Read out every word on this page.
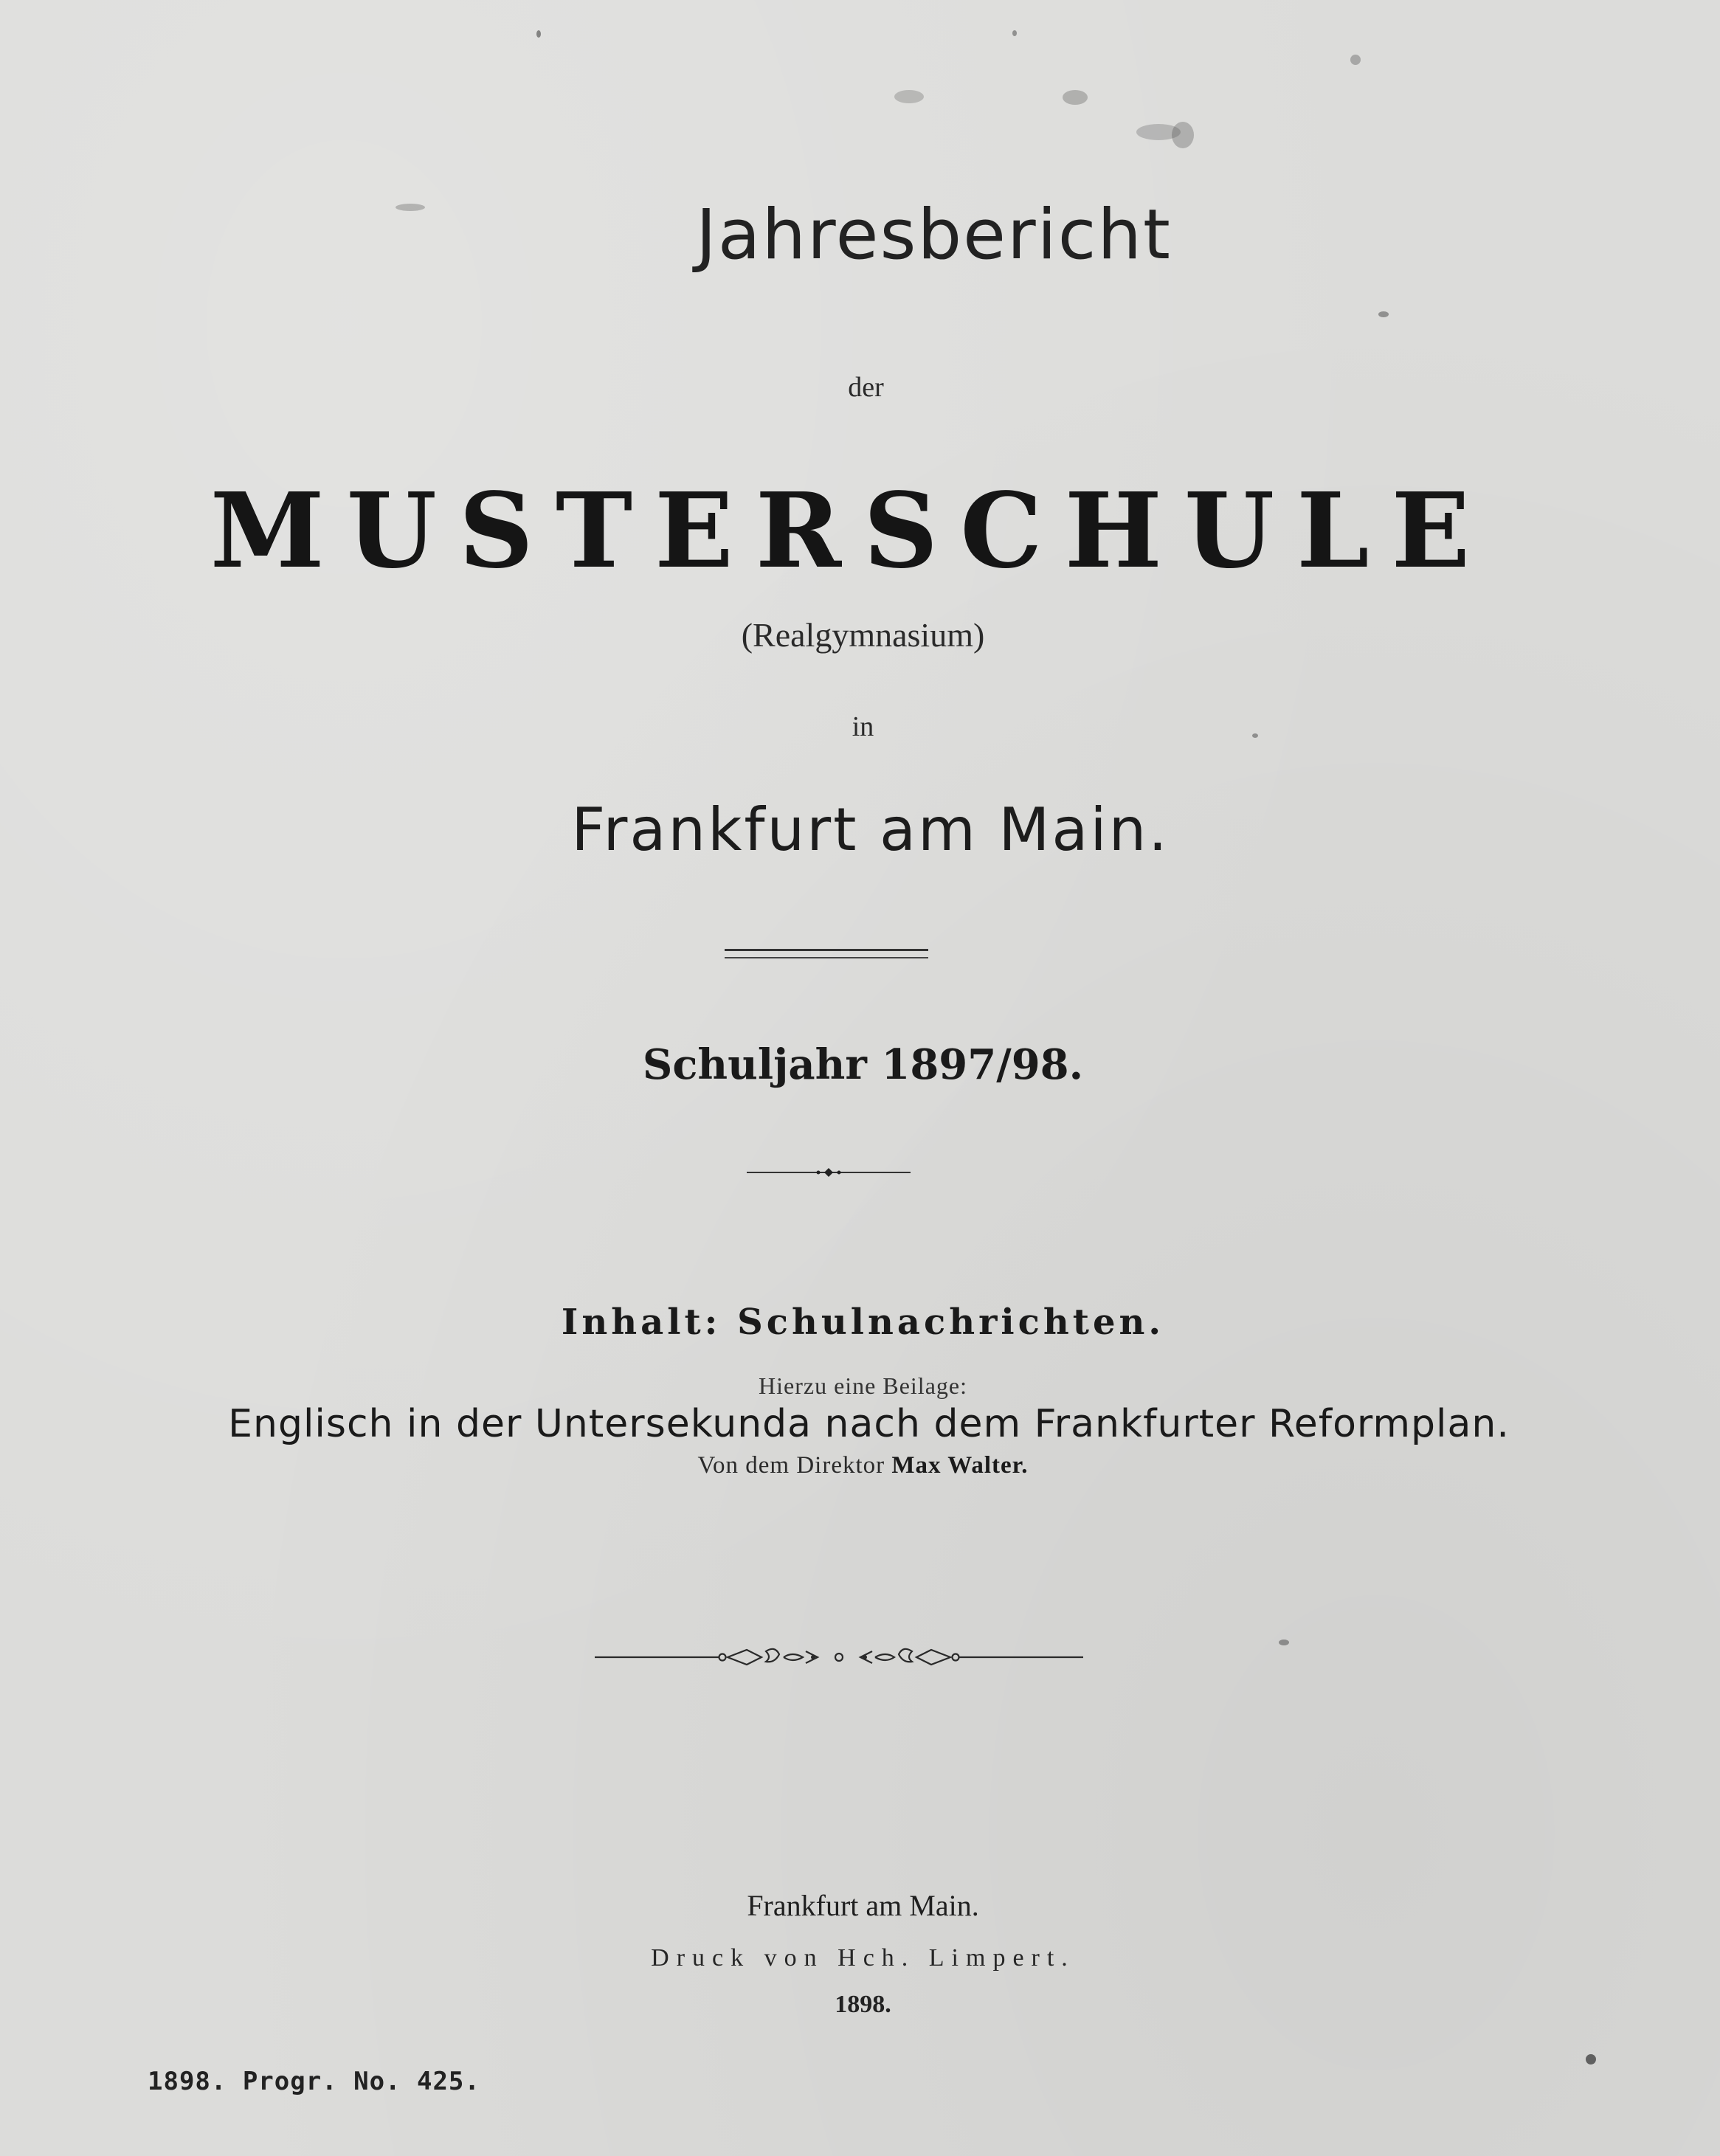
Jahresbericht
der
MUSTERSCHULE
(Realgymnasium)
in
Frankfurt am Main.
Schuljahr 1897/98.
Inhalt: Schulnachrichten.
Hierzu eine Beilage:
Englisch in der Untersekunda nach dem Frankfurter Reformplan.
Von dem Direktor Max Walter.
Frankfurt am Main.
Druck von Hch. Limpert.
1898.
1898. Progr. No. 425.
